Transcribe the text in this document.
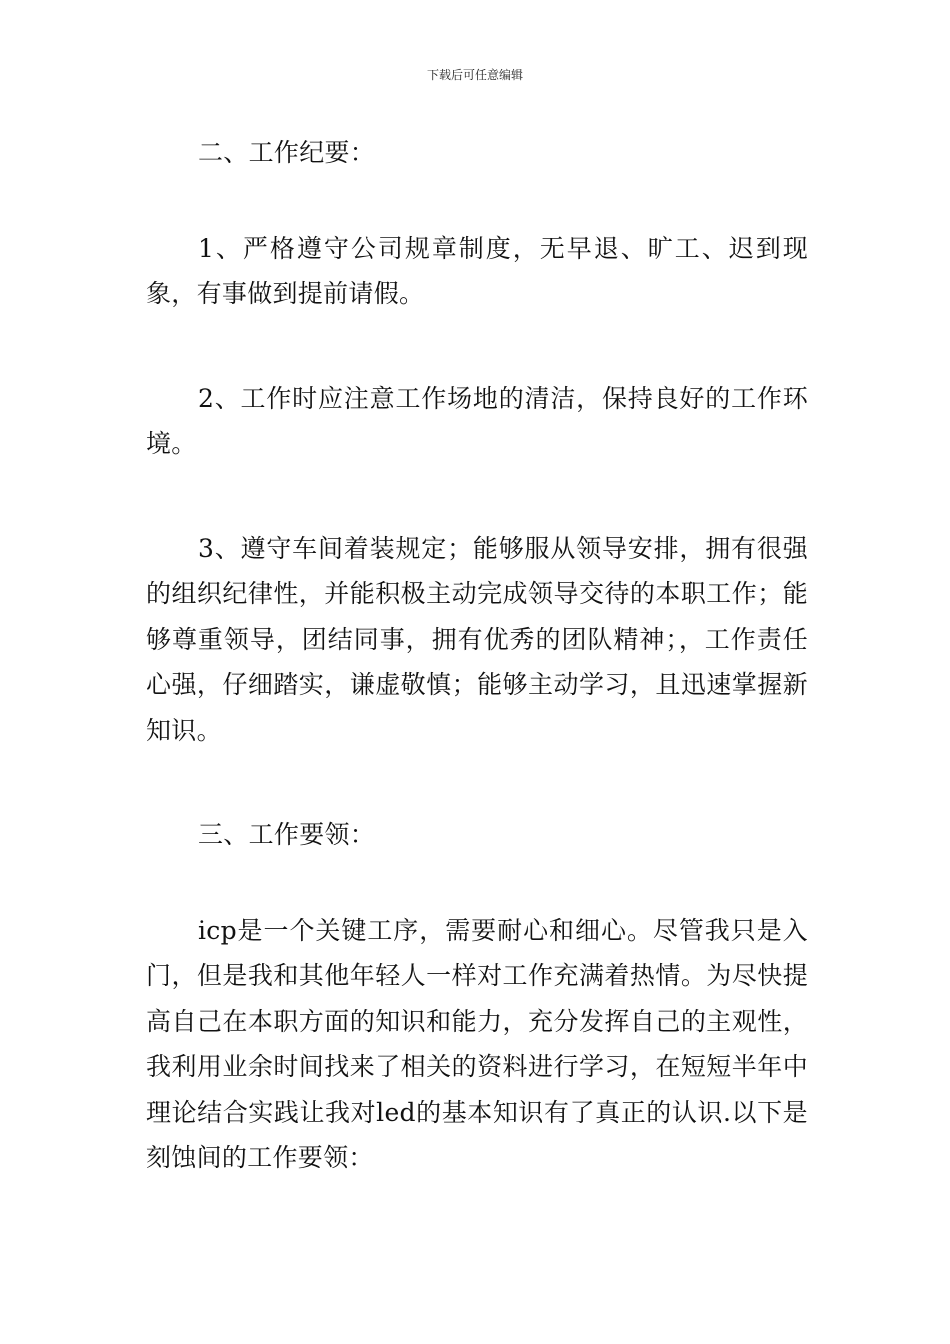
下载后可任意编辑

二、工作纪要：

1、严格遵守公司规章制度，无早退、旷工、迟到现象，有事做到提前请假。

2、工作时应注意工作场地的清洁，保持良好的工作环境。

3、遵守车间着装规定；能够服从领导安排，拥有很强的组织纪律性，并能积极主动完成领导交待的本职工作；能够尊重领导，团结同事，拥有优秀的团队精神；，工作责任心强，仔细踏实，谦虚敬慎；能够主动学习，且迅速掌握新知识。

三、工作要领：

icp是一个关键工序，需要耐心和细心。尽管我只是入门，但是我和其他年轻人一样对工作充满着热情。为尽快提高自己在本职方面的知识和能力，充分发挥自己的主观性，我利用业余时间找来了相关的资料进行学习，在短短半年中理论结合实践让我对led的基本知识有了真正的认识.以下是刻蚀间的工作要领：
